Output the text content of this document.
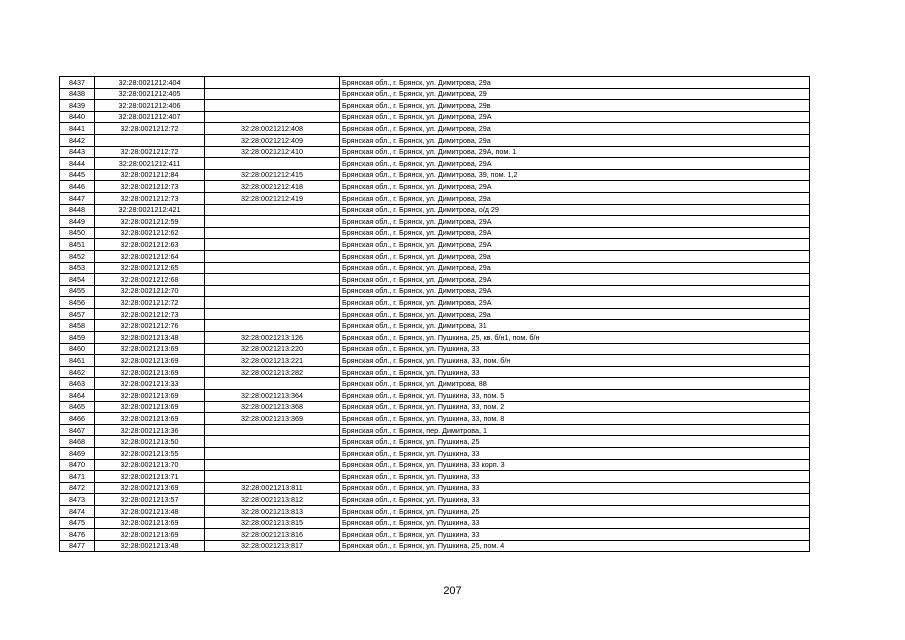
8437	32:28:0021212:404		Брянская обл., г. Брянск, ул. Димитрова, 29а
8438	32:28:0021212:405		Брянская обл., г. Брянск, ул. Димитрова, 29
8439	32:28:0021212:406		Брянская обл., г. Брянск, ул. Димитрова, 29в
8440	32:28:0021212:407		Брянская обл., г. Брянск, ул. Димитрова, 29А
8441	32:28:0021212:72	32:28:0021212:408	Брянская обл., г. Брянск, ул. Димитрова, 29а
8442		32:28:0021212:409	Брянская обл., г. Брянск, ул. Димитрова, 29а
8443	32:28:0021212:72	32:28:0021212:410	Брянская обл., г. Брянск, ул. Димитрова, 29А, пом. 1
8444	32:28:0021212:411		Брянская обл., г. Брянск, ул. Димитрова, 29А
8445	32:28:0021212:84	32:28:0021212:415	Брянская обл., г. Брянск, ул. Димитрова, 39, пом. 1,2
8446	32:28:0021212:73	32:28:0021212:418	Брянская обл., г. Брянск, ул. Димитрова, 29А
8447	32:28:0021212:73	32:28:0021212:419	Брянская обл., г. Брянск, ул. Димитрова, 29а
8448	32:28:0021212:421		Брянская обл., г. Брянск, ул. Димитрова, о/д 29
8449	32:28:0021212:59		Брянская обл., г. Брянск, ул. Димитрова, 29А
8450	32:28:0021212:62		Брянская обл., г. Брянск, ул. Димитрова, 29А
8451	32:28:0021212:63		Брянская обл., г. Брянск, ул. Димитрова, 29А
8452	32:28:0021212:64		Брянская обл., г. Брянск, ул. Димитрова, 29а
8453	32:28:0021212:65		Брянская обл., г. Брянск, ул. Димитрова, 29а
8454	32:28:0021212:68		Брянская обл., г. Брянск, ул. Димитрова, 29А
8455	32:28:0021212:70		Брянская обл., г. Брянск, ул. Димитрова, 29А
8456	32:28:0021212:72		Брянская обл., г. Брянск, ул. Димитрова, 29А
8457	32:28:0021212:73		Брянская обл., г. Брянск, ул. Димитрова, 29а
8458	32:28:0021212:76		Брянская обл., г. Брянск, ул. Димитрова, 31
8459	32:28:0021213:48	32:28:0021213:126	Брянская обл., г. Брянск, ул. Пушкина, 25, кв. б/н1, пом. б/н
8460	32:28:0021213:69	32:28:0021213:220	Брянская обл., г. Брянск, ул. Пушкина, 33
8461	32:28:0021213:69	32:28:0021213:221	Брянская обл., г. Брянск, ул. Пушкина, 33, пом. б/н
8462	32:28:0021213:69	32:28:0021213:282	Брянская обл., г. Брянск, ул. Пушкина, 33
8463	32:28:0021213:33		Брянская обл., г. Брянск, ул. Димитрова, 88
8464	32:28:0021213:69	32:28:0021213:364	Брянская обл., г. Брянск, ул. Пушкина, 33, пом. 5
8465	32:28:0021213:69	32:28:0021213:368	Брянская обл., г. Брянск, ул. Пушкина, 33, пом. 2
8466	32:28:0021213:69	32:28:0021213:369	Брянская обл., г. Брянск, ул. Пушкина, 33, пом. 8
8467	32:28:0021213:36		Брянская обл., г. Брянск, пер. Димитрова, 1
8468	32:28:0021213:50		Брянская обл., г. Брянск, ул. Пушкина, 25
8469	32:28:0021213:55		Брянская обл., г. Брянск, ул. Пушкина, 33
8470	32:28:0021213:70		Брянская обл., г. Брянск, ул. Пушкина, 33 корп. 3
8471	32:28:0021213:71		Брянская обл., г. Брянск, ул. Пушкина, 33
8472	32:28:0021213:69	32:28:0021213:811	Брянская обл., г. Брянск, ул. Пушкина, 33
8473	32:28:0021213:57	32:28:0021213:812	Брянская обл., г. Брянск, ул. Пушкина, 33
8474	32:28:0021213:48	32:28:0021213:813	Брянская обл., г. Брянск, ул. Пушкина, 25
8475	32:28:0021213:69	32:28:0021213:815	Брянская обл., г. Брянск, ул. Пушкина, 33
8476	32:28:0021213:69	32:28:0021213:816	Брянская обл., г. Брянск, ул. Пушкина, 33
8477	32:28:0021213:48	32:28:0021213:817	Брянская обл., г. Брянск, ул. Пушкина, 25, пом. 4
207
